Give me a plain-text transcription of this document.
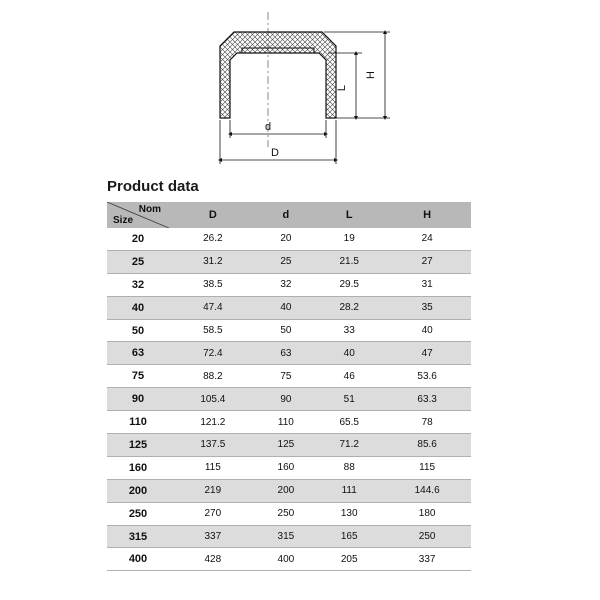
d
D
L
H
Product data
Nom
Size	D	d	L	H
20	26.2	20	19	24
25	31.2	25	21.5	27
32	38.5	32	29.5	31
40	47.4	40	28.2	35
50	58.5	50	33	40
63	72.4	63	40	47
75	88.2	75	46	53.6
90	105.4	90	51	63.3
110	121.2	110	65.5	78
125	137.5	125	71.2	85.6
160	115	160	88	115
200	219	200	111	144.6
250	270	250	130	180
315	337	315	165	250
400	428	400	205	337
